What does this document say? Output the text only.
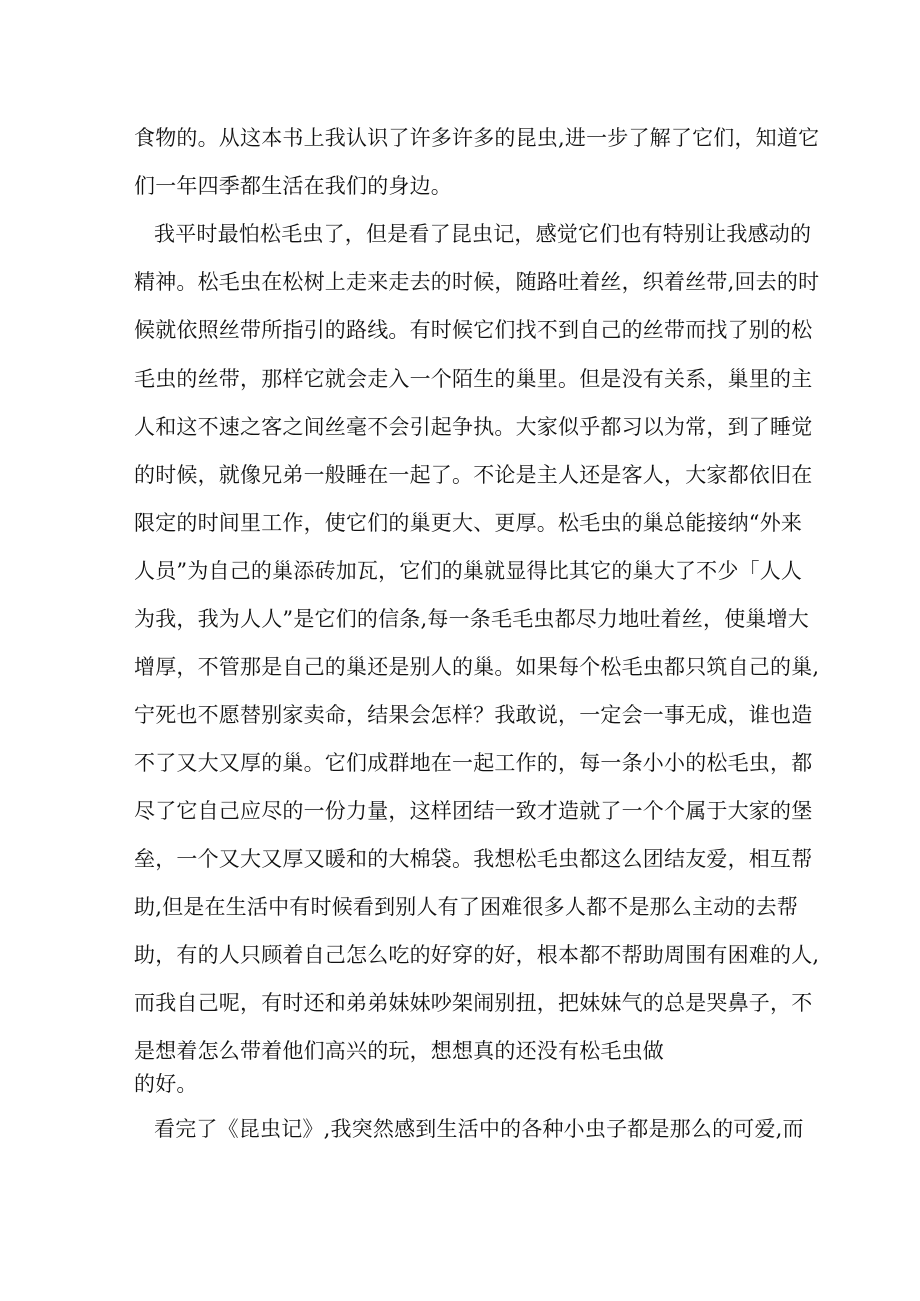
食物的。从这本书上我认识了许多许多的昆虫,进一步了解了它们，知道它
们一年四季都生活在我们的身边。
我平时最怕松毛虫了，但是看了昆虫记，感觉它们也有特别让我感动的
精神。松毛虫在松树上走来走去的时候，随路吐着丝，织着丝带,回去的时
候就依照丝带所指引的路线。有时候它们找不到自己的丝带而找了别的松
毛虫的丝带，那样它就会走入一个陌生的巢里。但是没有关系，巢里的主
人和这不速之客之间丝毫不会引起争执。大家似乎都习以为常，到了睡觉
的时候，就像兄弟一般睡在一起了。不论是主人还是客人，大家都依旧在
限定的时间里工作，使它们的巢更大、更厚。松毛虫的巢总能接纳“外来
人员”为自己的巢添砖加瓦，它们的巢就显得比其它的巢大了不少「人人
为我，我为人人”是它们的信条,每一条毛毛虫都尽力地吐着丝，使巢增大
增厚，不管那是自己的巢还是别人的巢。如果每个松毛虫都只筑自己的巢,
宁死也不愿替别家卖命，结果会怎样？我敢说，一定会一事无成，谁也造
不了又大又厚的巢。它们成群地在一起工作的，每一条小小的松毛虫，都
尽了它自己应尽的一份力量，这样团结一致才造就了一个个属于大家的堡
垒，一个又大又厚又暖和的大棉袋。我想松毛虫都这么团结友爱，相互帮
助,但是在生活中有时候看到别人有了困难很多人都不是那么主动的去帮
助，有的人只顾着自己怎么吃的好穿的好，根本都不帮助周围有困难的人,
而我自己呢，有时还和弟弟妹妹吵架闹别扭，把妹妹气的总是哭鼻子，不
是想着怎么带着他们高兴的玩，想想真的还没有松毛虫做
的好。
看完了《昆虫记》,我突然感到生活中的各种小虫子都是那么的可爱,而
